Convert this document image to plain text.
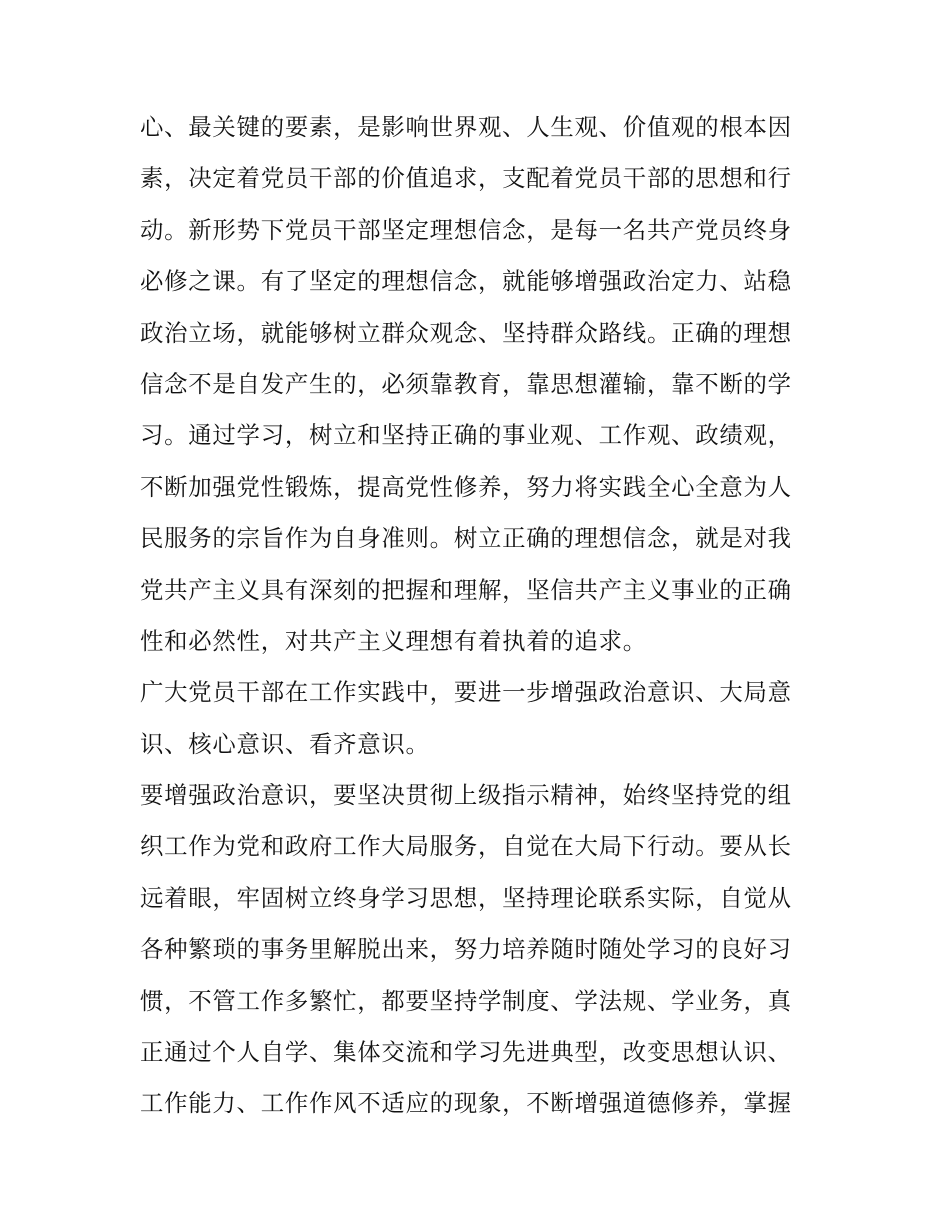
心、最关键的要素，是影响世界观、人生观、价值观的根本因
素，决定着党员干部的价值追求，支配着党员干部的思想和行
动。新形势下党员干部坚定理想信念，是每一名共产党员终身
必修之课。有了坚定的理想信念，就能够增强政治定力、站稳
政治立场，就能够树立群众观念、坚持群众路线。正确的理想
信念不是自发产生的，必须靠教育，靠思想灌输，靠不断的学
习。通过学习，树立和坚持正确的事业观、工作观、政绩观，
不断加强党性锻炼，提高党性修养，努力将实践全心全意为人
民服务的宗旨作为自身准则。树立正确的理想信念，就是对我
党共产主义具有深刻的把握和理解，坚信共产主义事业的正确
性和必然性，对共产主义理想有着执着的追求。
广大党员干部在工作实践中，要进一步增强政治意识、大局意
识、核心意识、看齐意识。
要增强政治意识，要坚决贯彻上级指示精神，始终坚持党的组
织工作为党和政府工作大局服务，自觉在大局下行动。要从长
远着眼，牢固树立终身学习思想，坚持理论联系实际，自觉从
各种繁琐的事务里解脱出来，努力培养随时随处学习的良好习
惯，不管工作多繁忙，都要坚持学制度、学法规、学业务，真
正通过个人自学、集体交流和学习先进典型，改变思想认识、
工作能力、工作作风不适应的现象，不断增强道德修养，掌握
